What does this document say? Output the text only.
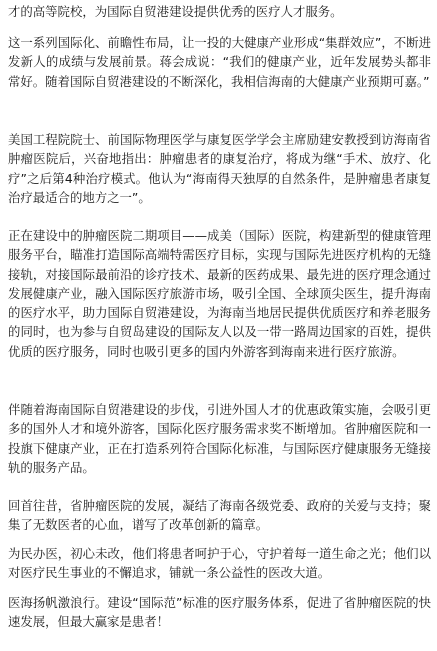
才的高等院校，为国际自贸港建设提供优秀的医疗人才服务。

这一系列国际化、前瞻性布局，让一投的大健康产业形成“集群效应”，不断进发新人的成绩与发展前景。蒋会成说：“我们的健康产业，近年发展势头都非常好。随着国际自贸港建设的不断深化，我相信海南的大健康产业预期可嘉。”

美国工程院院士、前国际物理医学与康复医学学会主席励建安教授到访海南省肿瘤医院后，兴奋地指出：肿瘤患者的康复治疗，将成为继“手术、放疗、化疗”之后第4种治疗模式。他认为“海南得天独厚的自然条件，是肿瘤患者康复治疗最适合的地方之一”。

正在建设中的肿瘤医院二期项目——成美（国际）医院，构建新型的健康管理服务平台，瞄准打造国际高端特需医疗目标，实现与国际先进医疗机构的无缝接轨，对接国际最前沿的诊疗技术、最新的医药成果、最先进的医疗理念通过发展健康产业，融入国际医疗旅游市场，吸引全国、全球顶尖医生，提升海南的医疗水平，助力国际自贸港建设，为海南当地居民提供优质医疗和养老服务的同时，也为参与自贸岛建设的国际友人以及一带一路周边国家的百姓，提供优质的医疗服务，同时也吸引更多的国内外游客到海南来进行医疗旅游。

伴随着海南国际自贸港建设的步伐，引进外国人才的优惠政策实施，会吸引更多的国外人才和境外游客，国际化医疗服务需求奖不断增加。省肿瘤医院和一投旗下健康产业，正在打造系列符合国际化标准，与国际医疗健康服务无缝接轨的服务产品。

回首往昔，省肿瘤医院的发展，凝结了海南各级党委、政府的关爱与支持；聚集了无数医者的心血，谱写了改革创新的篇章。

为民办医，初心未改，他们将患者呵护于心，守护着每一道生命之光；他们以对医疗民生事业的不懈追求，铺就一条公益性的医改大道。

医海扬帆激浪行。建设“国际范”标准的医疗服务体系，促进了省肿瘤医院的快速发展，但最大赢家是患者！
